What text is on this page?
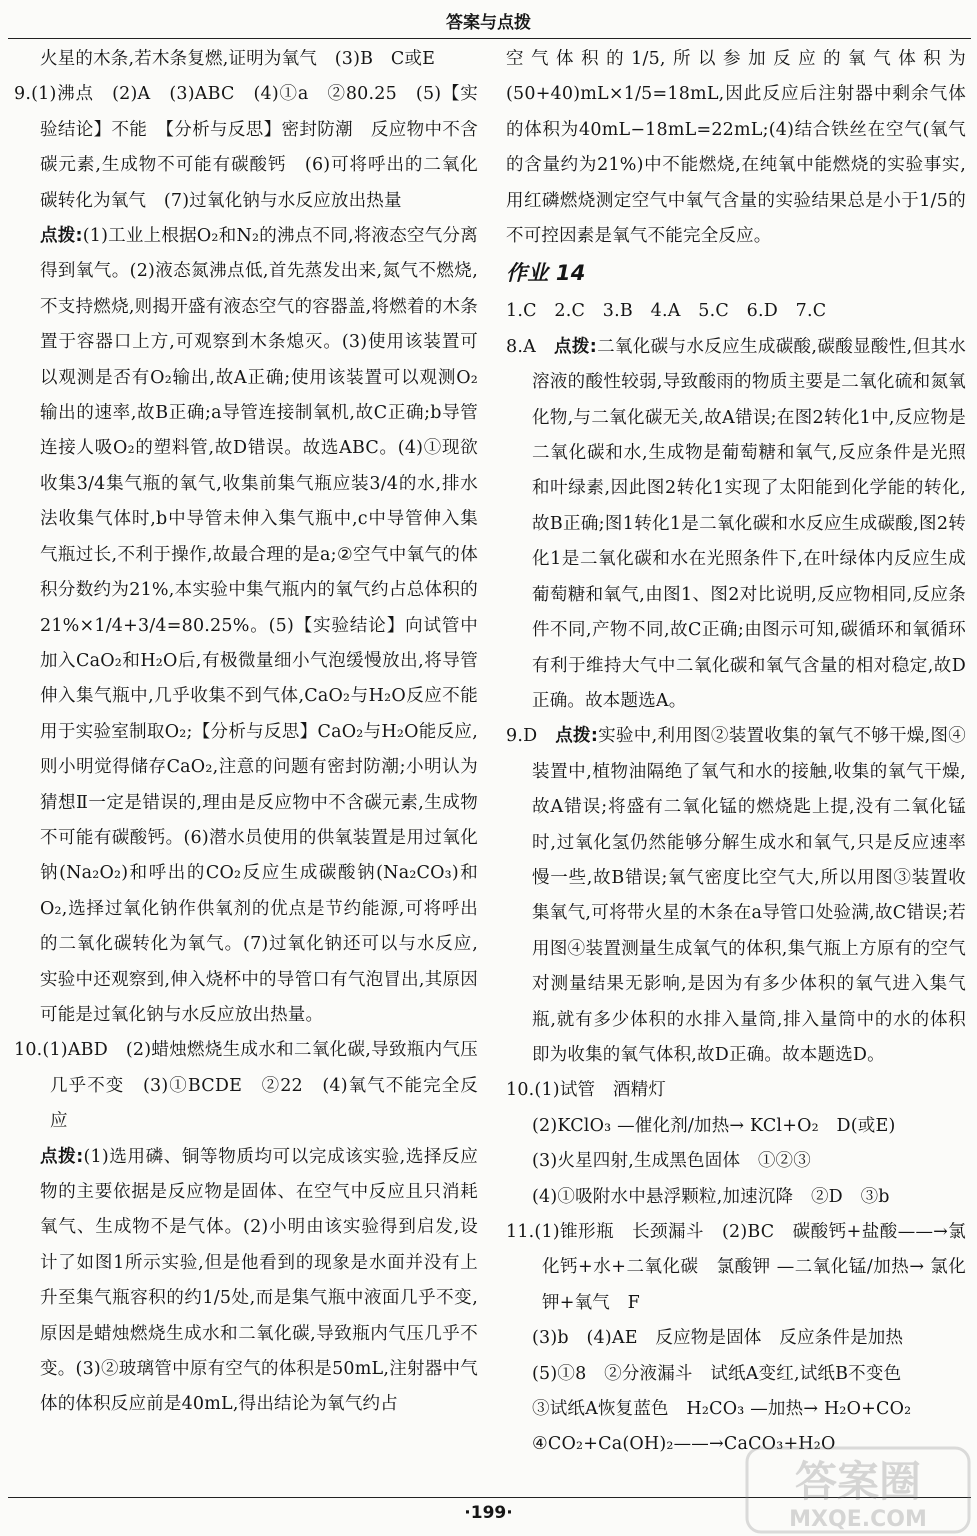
答案与点拨

火星的木条,若木条复燃,证明为氧气　(3)B　C或E

9.(1)沸点　(2)A　(3)ABC　(4)①a　②80.25　(5)【实验结论】不能　【分析与反思】密封防潮　反应物中不含碳元素,生成物不可能有碳酸钙　(6)可将呼出的二氧化碳转化为氧气　(7)过氧化钠与水反应放出热量

点拨:(1)工业上根据O₂和N₂的沸点不同,将液态空气分离得到氧气。(2)液态氮沸点低,首先蒸发出来,氮气不燃烧,不支持燃烧,则揭开盛有液态空气的容器盖,将燃着的木条置于容器口上方,可观察到木条熄灭。(3)使用该装置可以观测是否有O₂输出,故A正确;使用该装置可以观测O₂输出的速率,故B正确;a导管连接制氧机,故C正确;b导管连接人吸O₂的塑料管,故D错误。故选ABC。(4)①现欲收集3/4集气瓶的氧气,收集前集气瓶应装3/4的水,排水法收集气体时,b中导管未伸入集气瓶中,c中导管伸入集气瓶过长,不利于操作,故最合理的是a;②空气中氧气的体积分数约为21%,本实验中集气瓶内的氧气约占总体积的21%×1/4+3/4=80.25%。(5)【实验结论】向试管中加入CaO₂和H₂O后,有极微量细小气泡缓慢放出,将导管伸入集气瓶中,几乎收集不到气体,CaO₂与H₂O反应不能用于实验室制取O₂;【分析与反思】CaO₂与H₂O能反应,则小明觉得储存CaO₂,注意的问题有密封防潮;小明认为猜想Ⅱ一定是错误的,理由是反应物中不含碳元素,生成物不可能有碳酸钙。(6)潜水员使用的供氧装置是用过氧化钠(Na₂O₂)和呼出的CO₂反应生成碳酸钠(Na₂CO₃)和O₂,选择过氧化钠作供氧剂的优点是节约能源,可将呼出的二氧化碳转化为氧气。(7)过氧化钠还可以与水反应,实验中还观察到,伸入烧杯中的导管口有气泡冒出,其原因可能是过氧化钠与水反应放出热量。

10.(1)ABD　(2)蜡烛燃烧生成水和二氧化碳,导致瓶内气压几乎不变　(3)①BCDE　②22　(4)氧气不能完全反应

点拨:(1)选用磷、铜等物质均可以完成该实验,选择反应物的主要依据是反应物是固体、在空气中反应且只消耗氧气、生成物不是气体。(2)小明由该实验得到启发,设计了如图1所示实验,但是他看到的现象是水面并没有上升至集气瓶容积的约1/5处,而是集气瓶中液面几乎不变,原因是蜡烛燃烧生成水和二氧化碳,导致瓶内气压几乎不变。(3)②玻璃管中原有空气的体积是50mL,注射器中气体的体积反应前是40mL,得出结论为氧气约占

空气体积的1/5,所以参加反应的氧气体积为(50+40)mL×1/5=18mL,因此反应后注射器中剩余气体的体积为40mL−18mL=22mL;(4)结合铁丝在空气(氧气的含量约为21%)中不能燃烧,在纯氧中能燃烧的实验事实,用红磷燃烧测定空气中氧气含量的实验结果总是小于1/5的不可控因素是氧气不能完全反应。

作业 14

1.C　2.C　3.B　4.A　5.C　6.D　7.C

8.A　点拨:二氧化碳与水反应生成碳酸,碳酸显酸性,但其水溶液的酸性较弱,导致酸雨的物质主要是二氧化硫和氮氧化物,与二氧化碳无关,故A错误;在图2转化1中,反应物是二氧化碳和水,生成物是葡萄糖和氧气,反应条件是光照和叶绿素,因此图2转化1实现了太阳能到化学能的转化,故B正确;图1转化1是二氧化碳和水反应生成碳酸,图2转化1是二氧化碳和水在光照条件下,在叶绿体内反应生成葡萄糖和氧气,由图1、图2对比说明,反应物相同,反应条件不同,产物不同,故C正确;由图示可知,碳循环和氧循环有利于维持大气中二氧化碳和氧气含量的相对稳定,故D正确。故本题选A。

9.D　点拨:实验中,利用图②装置收集的氧气不够干燥,图④装置中,植物油隔绝了氧气和水的接触,收集的氧气干燥,故A错误;将盛有二氧化锰的燃烧匙上提,没有二氧化锰时,过氧化氢仍然能够分解生成水和氧气,只是反应速率慢一些,故B错误;氧气密度比空气大,所以用图③装置收集氧气,可将带火星的木条在a导管口处验满,故C错误;若用图④装置测量生成氧气的体积,集气瓶上方原有的空气对测量结果无影响,是因为有多少体积的氧气进入集气瓶,就有多少体积的水排入量筒,排入量筒中的水的体积即为收集的氧气体积,故D正确。故本题选D。

10.(1)试管　酒精灯

(2)KClO₃ —催化剂/加热→ KCl+O₂　D(或E)

(3)火星四射,生成黑色固体　①②③

(4)①吸附水中悬浮颗粒,加速沉降　②D　③b

11.(1)锥形瓶　长颈漏斗　(2)BC　碳酸钙+盐酸——→氯化钙+水+二氧化碳　氯酸钾 —二氧化锰/加热→ 氯化钾+氧气　F

(3)b　(4)AE　反应物是固体　反应条件是加热

(5)①8　②分液漏斗　试纸A变红,试纸B不变色

③试纸A恢复蓝色　H₂CO₃ —加热→ H₂O+CO₂

④CO₂+Ca(OH)₂——→CaCO₃+H₂O

·199·
答案圈
MXQE.COM
